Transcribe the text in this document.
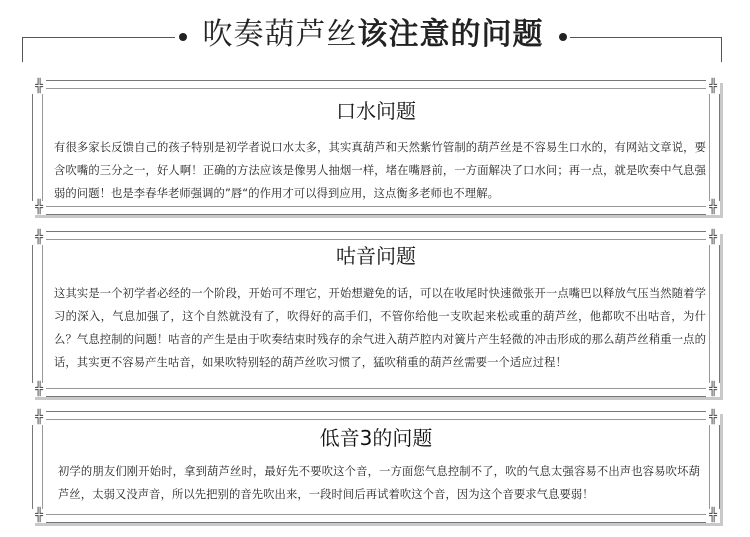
吹奏葫芦丝该注意的问题
╬	╬
╬	╬
口水问题

有很多家长反馈自己的孩子特别是初学者说口水太多，其实真葫芦和天然紫竹管制的葫芦丝是不容易生口水的，有网站文章说，要含吹嘴的三分之一，好人啊！正确的方法应该是像男人抽烟一样，堵在嘴唇前，一方面解决了口水问；再一点，就是吹奏中气息强弱的问题！也是李春华老师强调的”唇“的作用才可以得到应用，这点衡多老师也不理解。

╬	╬
╬	╬
咕音问题

这其实是一个初学者必经的一个阶段，开始可不理它，开始想避免的话，可以在收尾时快速微张开一点嘴巴以释放气压当然随着学习的深入，气息加强了，这个自然就没有了，吹得好的高手们，不管你给他一支吹起来松或重的葫芦丝，他都吹不出咕音，为什么？气息控制的问题！咕音的产生是由于吹奏结束时残存的余气进入葫芦腔内对簧片产生轻微的冲击形成的那么葫芦丝稍重一点的话，其实更不容易产生咕音，如果吹特别轻的葫芦丝吹习惯了，猛吹稍重的葫芦丝需要一个适应过程！

╬	╬
╬	╬
低音3的问题

初学的朋友们刚开始时，拿到葫芦丝时，最好先不要吹这个音，一方面您气息控制不了，吹的气息太强容易不出声也容易吹坏葫芦丝，太弱又没声音，所以先把别的音先吹出来，一段时间后再试着吹这个音，因为这个音要求气息要弱！
